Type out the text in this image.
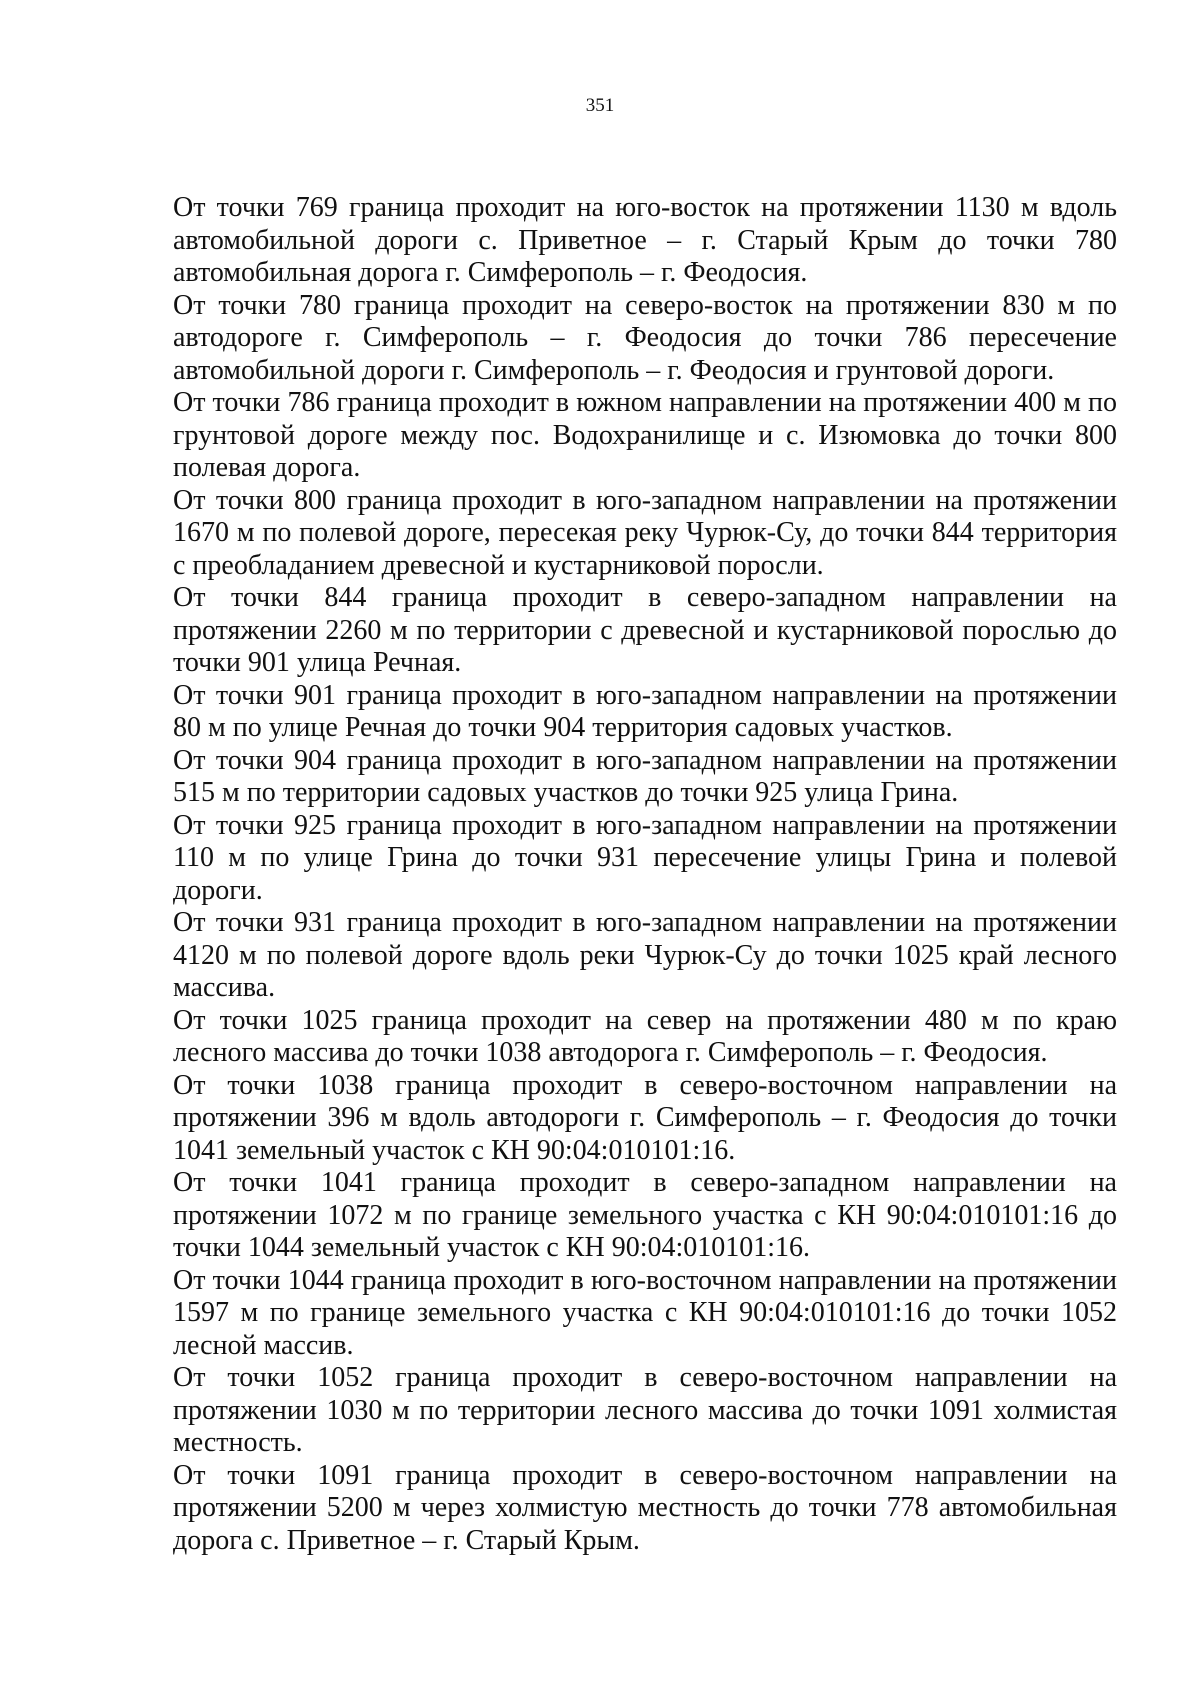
351

От точки 769 граница проходит на юго-восток на протяжении 1130 м вдоль автомобильной дороги с. Приветное – г. Старый Крым до точки 780 автомобильная дорога г. Симферополь – г. Феодосия.

От точки 780 граница проходит на северо-восток на протяжении 830 м по автодороге г. Симферополь – г. Феодосия до точки 786 пересечение автомобильной дороги г. Симферополь – г. Феодосия и грунтовой дороги.

От точки 786 граница проходит в южном направлении на протяжении 400 м по грунтовой дороге между пос. Водохранилище и с. Изюмовка до точки 800 полевая дорога.

От точки 800 граница проходит в юго-западном направлении на протяжении 1670 м по полевой дороге, пересекая реку Чурюк-Су, до точки 844 территория с преобладанием древесной и кустарниковой поросли.

От точки 844 граница проходит в северо-западном направлении на протяжении 2260 м по территории с древесной и кустарниковой порослью до точки 901 улица Речная.

От точки 901 граница проходит в юго-западном направлении на протяжении 80 м по улице Речная до точки 904 территория садовых участков.

От точки 904 граница проходит в юго-западном направлении на протяжении 515 м по территории садовых участков до точки 925 улица Грина.

От точки 925 граница проходит в юго-западном направлении на протяжении 110 м по улице Грина до точки 931 пересечение улицы Грина и полевой дороги.

От точки 931 граница проходит в юго-западном направлении на протяжении 4120 м по полевой дороге вдоль реки Чурюк-Су до точки 1025 край лесного массива.

От точки 1025 граница проходит на север на протяжении 480 м по краю лесного массива до точки 1038 автодорога г. Симферополь – г. Феодосия.

От точки 1038 граница проходит в северо-восточном направлении на протяжении 396 м вдоль автодороги г. Симферополь – г. Феодосия до точки 1041 земельный участок с КН 90:04:010101:16.

От точки 1041 граница проходит в северо-западном направлении на протяжении 1072 м по границе земельного участка с КН 90:04:010101:16 до точки 1044 земельный участок с КН 90:04:010101:16.

От точки 1044 граница проходит в юго-восточном направлении на протяжении 1597 м по границе земельного участка с КН 90:04:010101:16 до точки 1052 лесной массив.

От точки 1052 граница проходит в северо-восточном направлении на протяжении 1030 м по территории лесного массива до точки 1091 холмистая местность.

От точки 1091 граница проходит в северо-восточном направлении на протяжении 5200 м через холмистую местность до точки 778 автомобильная дорога с. Приветное – г. Старый Крым.
